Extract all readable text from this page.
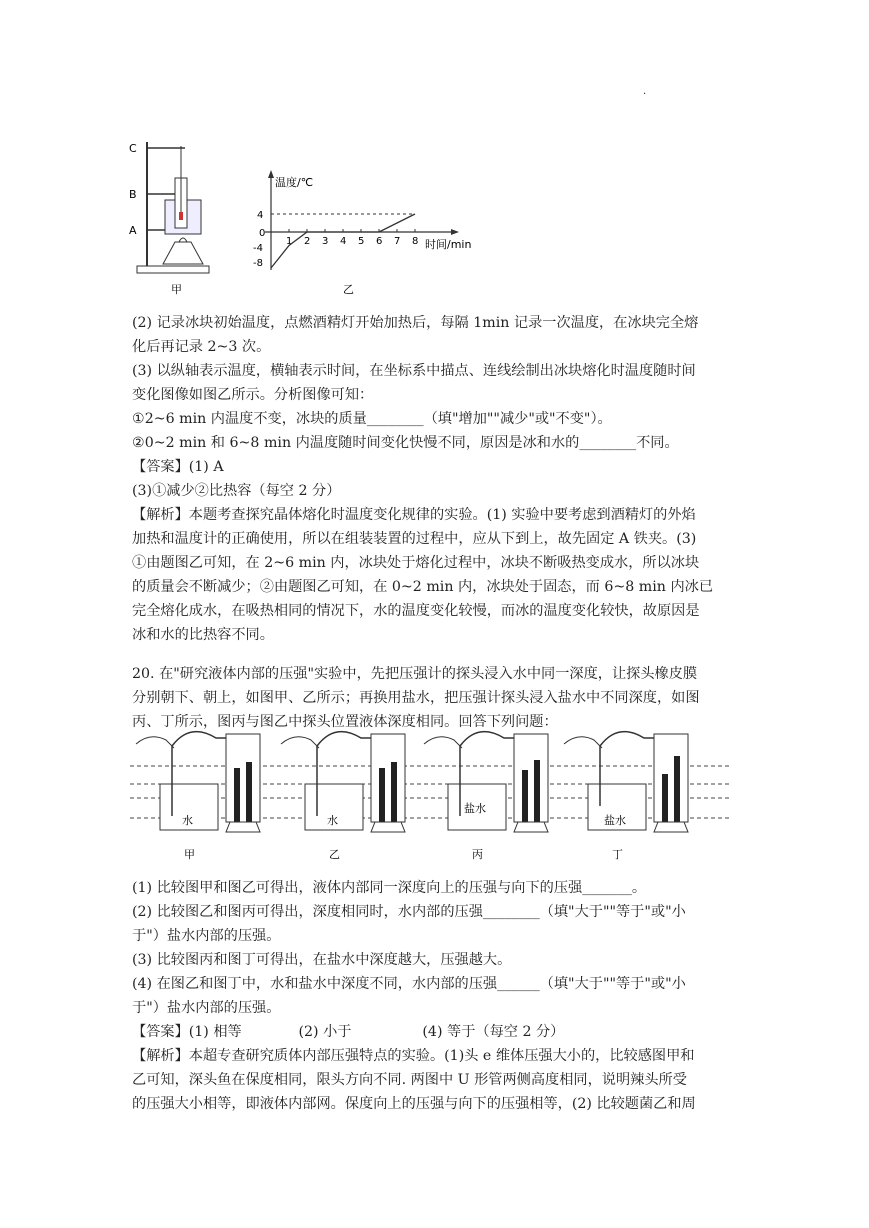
.
C
B
A
甲
温度/℃
时间/min
4
0
-4
-8
1 2 3 4 5 6 7 8
乙

(2) 记录冰块初始温度，点燃酒精灯开始加热后，每隔 1min 记录一次温度，在冰块完全熔

化后再记录 2~3 次。

(3) 以纵轴表示温度，横轴表示时间，在坐标系中描点、连线绘制出冰块熔化时温度随时间

变化图像如图乙所示。分析图像可知：

①2~6 min 内温度不变，冰块的质量________（填"增加""减少"或"不变"）。

②0~2 min 和 6~8 min 内温度随时间变化快慢不同，原因是冰和水的________不同。

【答案】(1) A

(3)①减少②比热容（每空 2 分）

【解析】本题考查探究晶体熔化时温度变化规律的实验。(1) 实验中要考虑到酒精灯的外焰

加热和温度计的正确使用，所以在组装装置的过程中，应从下到上，故先固定 A 铁夹。(3)

①由题图乙可知，在 2~6 min 内，冰块处于熔化过程中，冰块不断吸热变成水，所以冰块

的质量会不断减少；②由题图乙可知，在 0~2 min 内，冰块处于固态，而 6~8 min 内冰已

完全熔化成水，在吸热相同的情况下，水的温度变化较慢，而冰的温度变化较快，故原因是

冰和水的比热容不同。

20. 在"研究液体内部的压强"实验中，先把压强计的探头浸入水中同一深度，让探头橡皮膜

分别朝下、朝上，如图甲、乙所示；再换用盐水，把压强计探头浸入盐水中不同深度，如图

丙、丁所示，图丙与图乙中探头位置液体深度相同。回答下列问题：

水
甲
水
乙
盐水
丙
盐水
丁

(1) 比较图甲和图乙可得出，液体内部同一深度向上的压强与向下的压强_______。

(2) 比较图乙和图丙可得出，深度相同时，水内部的压强________（填"大于""等于"或"小

于"）盐水内部的压强。

(3) 比较图丙和图丁可得出，在盐水中深度越大，压强越大。

(4) 在图乙和图丁中，水和盐水中深度不同，水内部的压强______（填"大于""等于"或"小

于"）盐水内部的压强。

【答案】(1) 相等　　　　(2) 小于　　　　　(4) 等于（每空 2 分）

【解析】本超专查研究质体内部压强特点的实验。(1)头 e 维体压强大小的，比较感图甲和

乙可知，深头鱼在保度相同，限头方向不同. 两图中 U 形管两侧高度相同，说明辣头所受

的压强大小相等，即液体内部网。保度向上的压强与向下的压强相等，(2) 比较题菌乙和周
